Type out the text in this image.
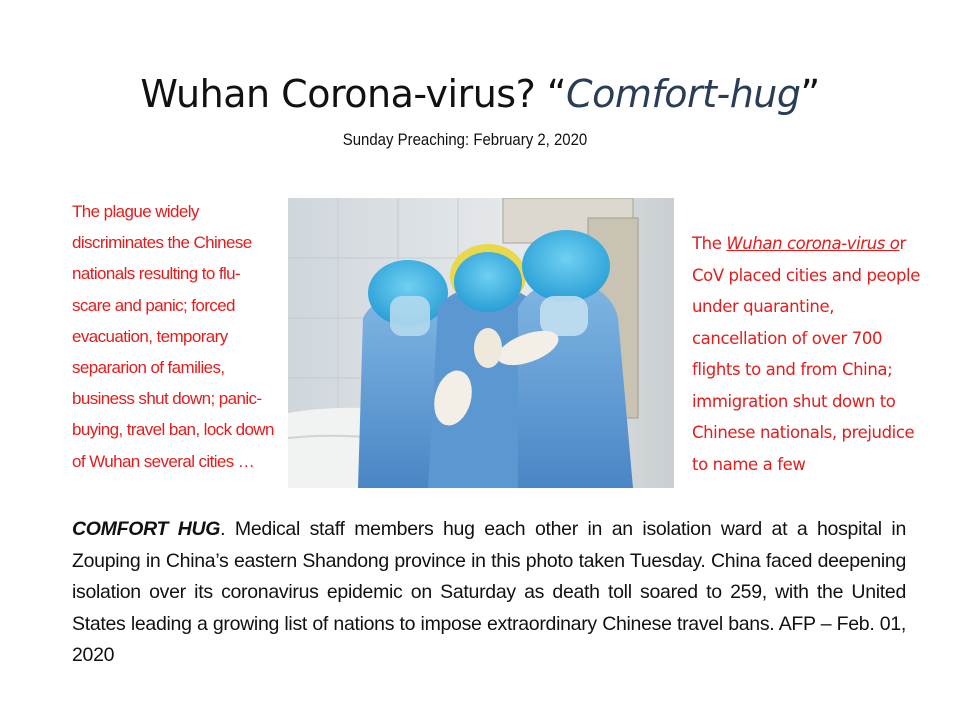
Wuhan Corona-virus? “Comfort-hug”
Sunday Preaching: February 2, 2020
The plague widely discriminates the Chinese nationals resulting to flu-scare and panic; forced evacuation, temporary separarion of families, business shut down; panic-buying, travel ban, lock down of Wuhan several cities …
The Wuhan corona-virus or CoV placed cities and people under quarantine, cancellation of over 700 flights to and from China; immigration shut down to Chinese nationals, prejudice to name a few
COMFORT HUG. Medical staff members hug each other in an isolation ward at a hospital in Zouping in China’s eastern Shandong province in this photo taken Tuesday. China faced deepening isolation over its coronavirus epidemic on Saturday as death toll soared to 259, with the United States leading a growing list of nations to impose extraordinary Chinese travel bans. AFP – Feb. 01, 2020
